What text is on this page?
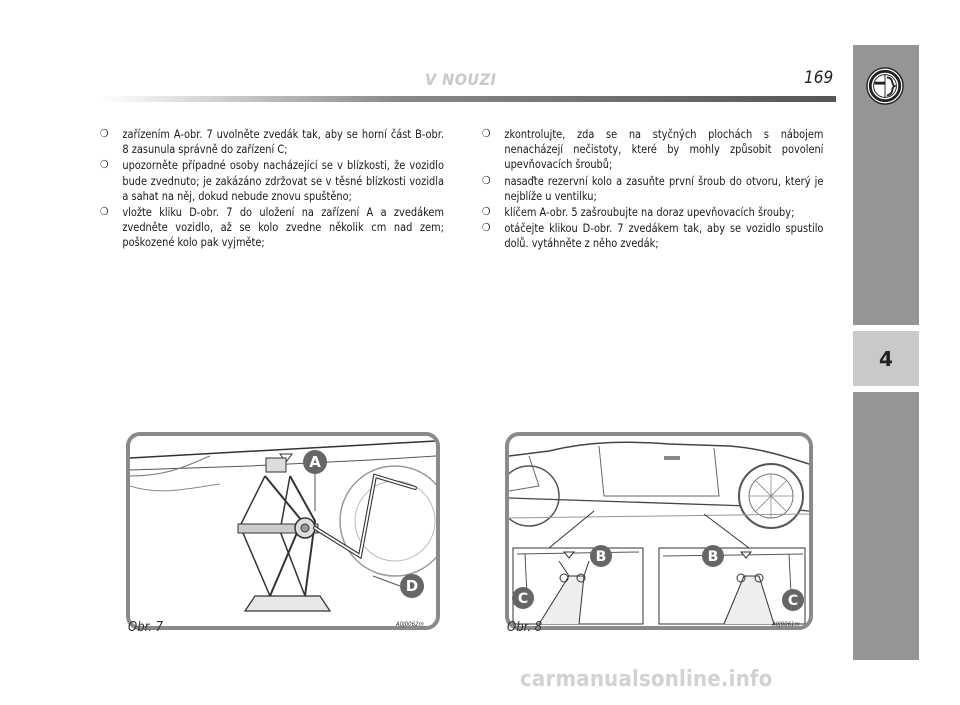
V NOUZI	169
4
❍ zařízením A-obr. 7 uvolněte zvedák tak, aby se horní část B-obr. 8 zasunula správně do zařízení C;
❍ upozorněte případné osoby nacházející se v blízkosti, že vozidlo bude zvednuto; je zakázáno zdržovat se v těsné blízkosti vozidla a sahat na něj, dokud nebude znovu spuštěno;
❍ vložte kliku D-obr. 7 do uložení na zařízení A a zvedákem zvedněte vozidlo, až se kolo zvedne několik cm nad zem; poškozené kolo pak vyjměte;
❍ zkontrolujte, zda se na styčných plochách s nábojem nenacházejí nečistoty, které by mohly způsobit povolení upevňovacích šroubů;
❍ nasaďte rezervní kolo a zasuňte první šroub do otvoru, který je nejblíže u ventilku;
❍ klíčem A-obr. 5 zašroubujte na doraz upevňovacích šrouby;
❍ otáčejte klikou D-obr. 7 zvedákem tak, aby se vozidlo spustilo dolů. vytáhněte z něho zvedák;
A
D
Obr. 7	A0J0062m
B
C
B
C
Obr. 8	A0J0061m
carmanualsonline.info
